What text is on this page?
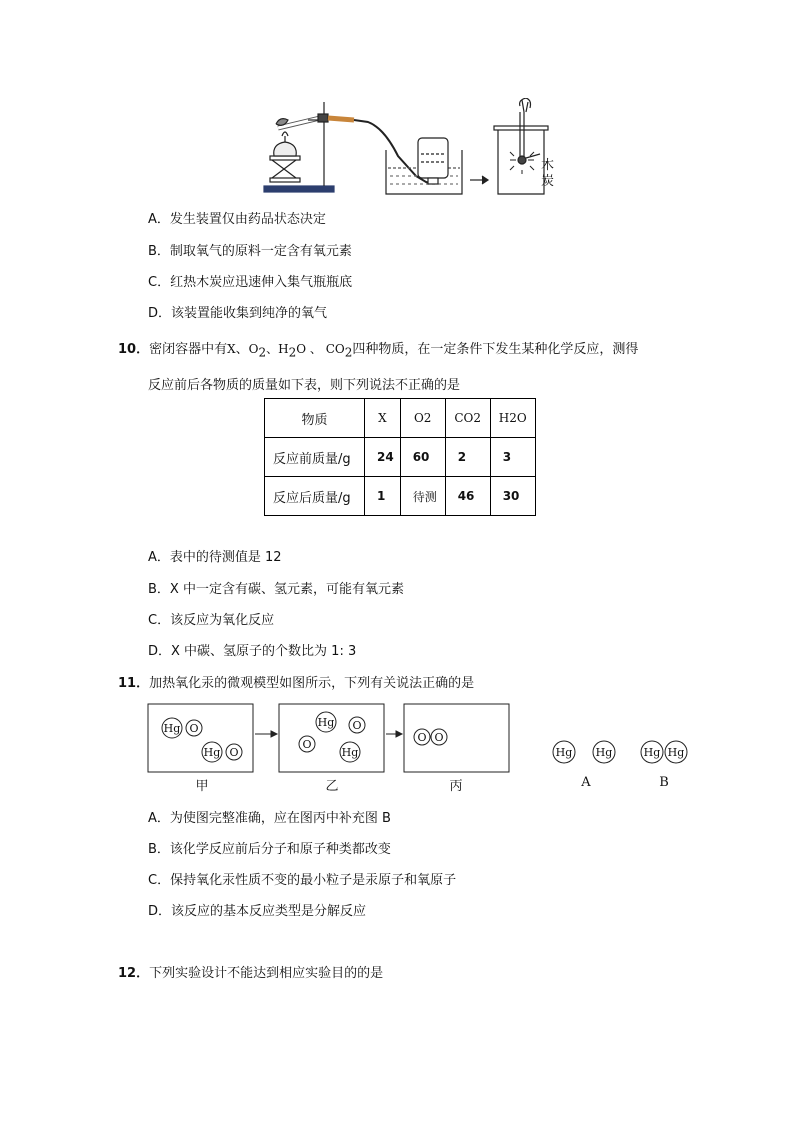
木
炭
A．发生装置仅由药品状态决定
B．制取氧气的原料一定含有氧元素
C．红热木炭应迅速伸入集气瓶瓶底
D．该装置能收集到纯净的氧气
10．密闭容器中有X、$O_2$、$H_2O$ 、 $CO_2$四种物质，在一定条件下发生某种化学反应，测得
反应前后各物质的质量如下表，则下列说法不正确的是
物质	X	O2	CO2	H2O
反应前质量/g	24	60	2	3
反应后质量/g	1	待测	46	30
A．表中的待测值是 12
B．X 中一定含有碳、氢元素，可能有氧元素
C．该反应为氧化反应
D．X 中碳、氢原子的个数比为 1: 3
11．加热氧化汞的微观模型如图所示，下列有关说法正确的是
Hg O
Hg O
Hg O
O
Hg
O O
Hg Hg	Hg Hg
甲	乙	丙	A	B
A．为使图完整准确，应在图丙中补充图 B
B．该化学反应前后分子和原子种类都改变
C．保持氧化汞性质不变的最小粒子是汞原子和氧原子
D．该反应的基本反应类型是分解反应
12．下列实验设计不能达到相应实验目的的是
